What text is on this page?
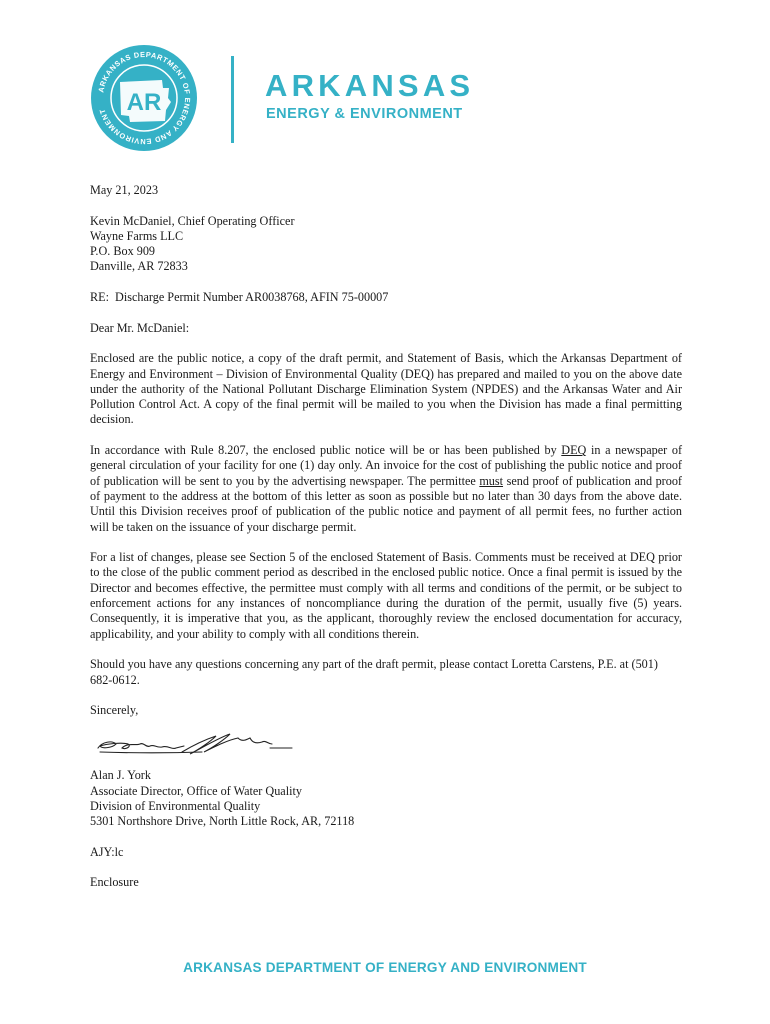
ARKANSAS DEPARTMENT OF ENERGY AND ENVIRONMENT AR	ARKANSAS
ENERGY & ENVIRONMENT

May 21, 2023

Kevin McDaniel, Chief Operating Officer
Wayne Farms LLC
P.O. Box 909
Danville, AR 72833

RE:  Discharge Permit Number AR0038768, AFIN 75-00007

Dear Mr. McDaniel:

Enclosed are the public notice, a copy of the draft permit, and Statement of Basis, which the Arkansas Department of Energy and Environment – Division of Environmental Quality (DEQ) has prepared and mailed to you on the above date under the authority of the National Pollutant Discharge Elimination System (NPDES) and the Arkansas Water and Air Pollution Control Act. A copy of the final permit will be mailed to you when the Division has made a final permitting decision.

In accordance with Rule 8.207, the enclosed public notice will be or has been published by DEQ in a newspaper of general circulation of your facility for one (1) day only. An invoice for the cost of publishing the public notice and proof of publication will be sent to you by the advertising newspaper. The permittee must send proof of publication and proof of payment to the address at the bottom of this letter as soon as possible but no later than 30 days from the above date. Until this Division receives proof of publication of the public notice and payment of all permit fees, no further action will be taken on the issuance of your discharge permit.

For a list of changes, please see Section 5 of the enclosed Statement of Basis. Comments must be received at DEQ prior to the close of the public comment period as described in the enclosed public notice. Once a final permit is issued by the Director and becomes effective, the permittee must comply with all terms and conditions of the permit, or be subject to enforcement actions for any instances of noncompliance during the duration of the permit, usually five (5) years. Consequently, it is imperative that you, as the applicant, thoroughly review the enclosed documentation for accuracy, applicability, and your ability to comply with all conditions therein.

Should you have any questions concerning any part of the draft permit, please contact Loretta Carstens, P.E. at (501) 682-0612.

Sincerely,

Alan J. York
Associate Director, Office of Water Quality
Division of Environmental Quality
5301 Northshore Drive, North Little Rock, AR, 72118

AJY:lc

Enclosure

ARKANSAS DEPARTMENT OF ENERGY AND ENVIRONMENT
